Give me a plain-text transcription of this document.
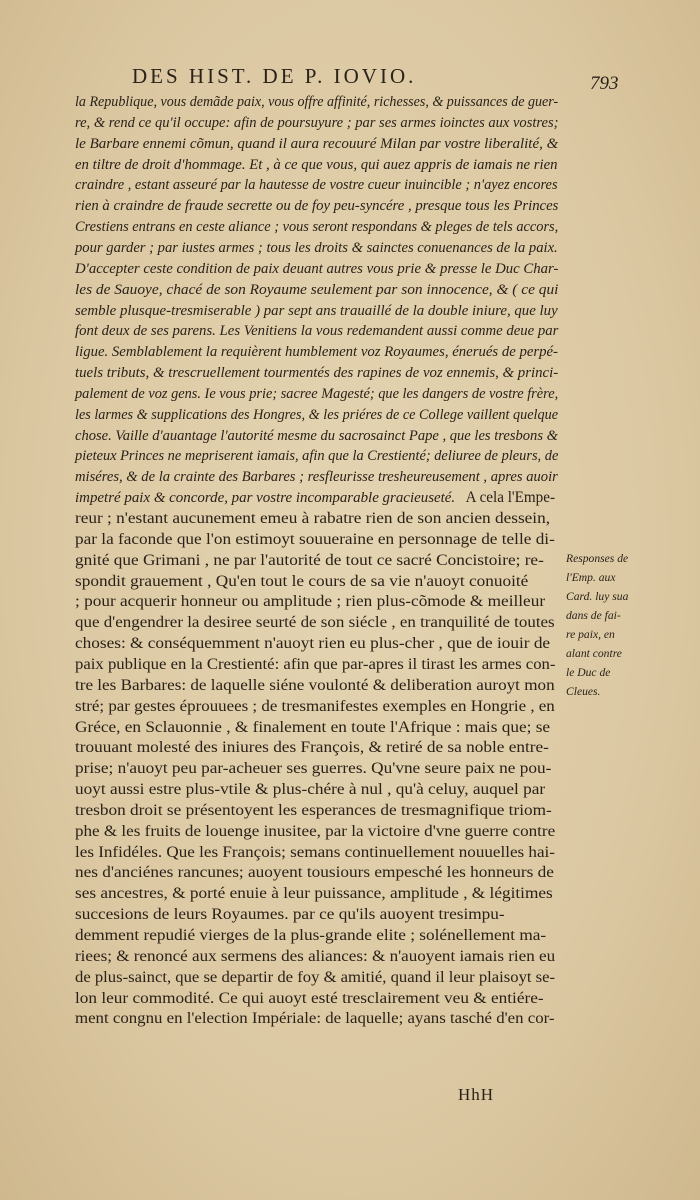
DES HIST. DE P. IOVIO.	793
la Republique, vous demãde paix, vous offre affinité, richesses, & puissances de guer-
re, & rend ce qu'il occupe: afin de poursuyure ; par ses armes ioinctes aux vostres;
le Barbare ennemi cõmun, quand il aura recouuré Milan par vostre liberalité, &
en tiltre de droit d'hommage. Et , à ce que vous, qui auez appris de iamais ne rien
craindre , estant asseuré par la hautesse de vostre cueur inuincible ; n'ayez encores
rien à craindre de fraude secrette ou de foy peu-syncére , presque tous les Princes
Crestiens entrans en ceste aliance ; vous seront respondans & pleges de tels accors,
pour garder ; par iustes armes ; tous les droits & sainctes conuenances de la paix.
D'accepter ceste condition de paix deuant autres vous prie & presse le Duc Char-
les de Sauoye, chacé de son Royaume seulement par son innocence, & ( ce qui
semble plusque-tresmiserable ) par sept ans trauaillé de la double iniure, que luy
font deux de ses parens. Les Venitiens la vous redemandent aussi comme deue par
ligue. Semblablement la requièrent humblement voz Royaumes, énerués de perpé-
tuels tributs, & trescruellement tourmentés des rapines de voz ennemis, & princi-
palement de voz gens. Ie vous prie; sacree Magesté; que les dangers de vostre frère,
les larmes & supplications des Hongres, & les priéres de ce College vaillent quelque
chose. Vaille d'auantage l'autorité mesme du sacrosainct Pape , que les tresbons &
pieteux Princes ne mepriserent iamais, afin que la Crestienté; deliuree de pleurs, de
miséres, & de la crainte des Barbares ; resfleurisse tresheureusement , apres auoir
impetré paix & concorde, par vostre incomparable gracieuseté.   A cela l'Empe-
reur ; n'estant aucunement emeu à rabatre rien de son ancien dessein,
par la faconde que l'on estimoyt souueraine en personnage de telle di-
gnité que Grimani , ne par l'autorité de tout ce sacré Concistoire; re-
spondit grauement , Qu'en tout le cours de sa vie n'auoyt conuoité
; pour acquerir honneur ou amplitude ; rien plus-cõmode & meilleur
que d'engendrer la desiree seurté de son siécle , en tranquilité de toutes
choses: & conséquemment n'auoyt rien eu plus-cher , que de iouir de
paix publique en la Crestienté: afin que par-apres il tirast les armes con-
tre les Barbares: de laquelle siéne voulonté & deliberation auroyt mon
stré; par gestes éprouuees ; de tresmanifestes exemples en Hongrie , en
Gréce, en Sclauonnie , & finalement en toute l'Afrique : mais que; se
trouuant molesté des iniures des François, & retiré de sa noble entre-
prise; n'auoyt peu par-acheuer ses guerres. Qu'vne seure paix ne pou-
uoyt aussi estre plus-vtile & plus-chére à nul , qu'à celuy, auquel par
tresbon droit se présentoyent les esperances de tresmagnifique triom-
phe & les fruits de louenge inusitee, par la victoire d'vne guerre contre
les Infidéles. Que les François; semans continuellement nouuelles hai-
nes d'anciénes rancunes; auoyent tousiours empesché les honneurs de
ses ancestres, & porté enuie à leur puissance, amplitude , & légitimes
succesions de leurs Royaumes. par ce qu'ils auoyent tresimpu-
demment repudié vierges de la plus-grande elite ; solénellement ma-
riees; & renoncé aux sermens des aliances: & n'auoyent iamais rien eu
de plus-sainct, que se departir de foy & amitié, quand il leur plaisoyt se-
lon leur commodité. Ce qui auoyt esté tresclairement veu & entiére-
ment congnu en l'election Impériale: de laquelle; ayans tasché d'en cor-
Responses de
l'Emp. aux
Card. luy sua
dans de fai-
re paix, en
alant contre
le Duc de
Cleues.
HhH
